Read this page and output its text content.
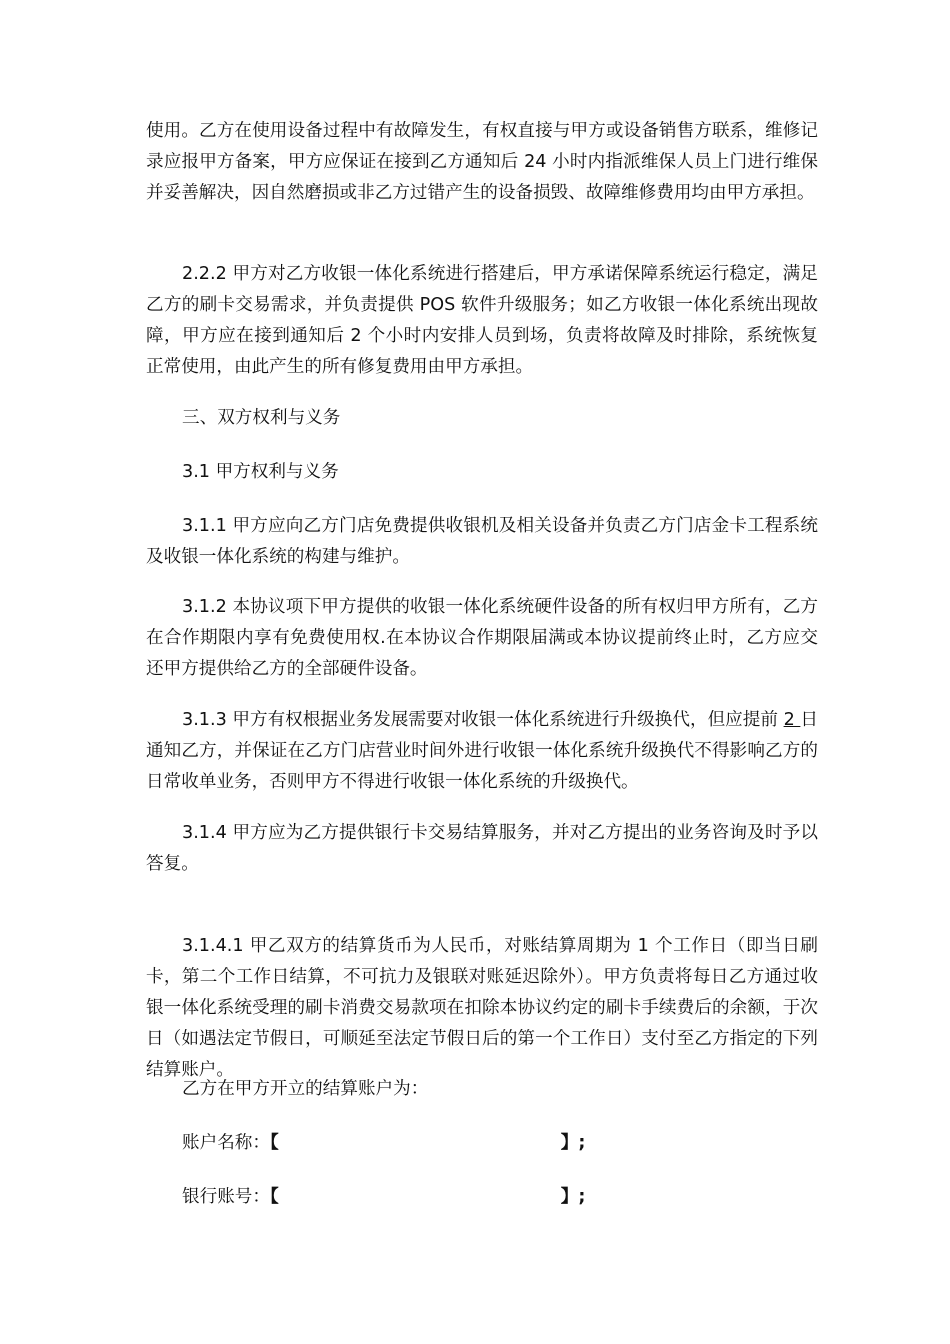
使用。乙方在使用设备过程中有故障发生，有权直接与甲方或设备销售方联系，维修记录应报甲方备案，甲方应保证在接到乙方通知后 24 小时内指派维保人员上门进行维保并妥善解决，因自然磨损或非乙方过错产生的设备损毁、故障维修费用均由甲方承担。

2.2.2 甲方对乙方收银一体化系统进行搭建后，甲方承诺保障系统运行稳定，满足乙方的刷卡交易需求，并负责提供 POS 软件升级服务；如乙方收银一体化系统出现故障，甲方应在接到通知后 2 个小时内安排人员到场，负责将故障及时排除，系统恢复正常使用，由此产生的所有修复费用由甲方承担。

三、双方权利与义务

3.1 甲方权利与义务

3.1.1 甲方应向乙方门店免费提供收银机及相关设备并负责乙方门店金卡工程系统及收银一体化系统的构建与维护。

3.1.2 本协议项下甲方提供的收银一体化系统硬件设备的所有权归甲方所有，乙方在合作期限内享有免费使用权.在本协议合作期限届满或本协议提前终止时，乙方应交还甲方提供给乙方的全部硬件设备。

3.1.3 甲方有权根据业务发展需要对收银一体化系统进行升级换代，但应提前 2 日通知乙方，并保证在乙方门店营业时间外进行收银一体化系统升级换代不得影响乙方的日常收单业务，否则甲方不得进行收银一体化系统的升级换代。

3.1.4 甲方应为乙方提供银行卡交易结算服务，并对乙方提出的业务咨询及时予以答复。

3.1.4.1 甲乙双方的结算货币为人民币，对账结算周期为 1 个工作日（即当日刷卡，第二个工作日结算，不可抗力及银联对账延迟除外）。甲方负责将每日乙方通过收银一体化系统受理的刷卡消费交易款项在扣除本协议约定的刷卡手续费后的余额，于次日（如遇法定节假日，可顺延至法定节假日后的第一个工作日）支付至乙方指定的下列结算账户。

乙方在甲方开立的结算账户为：

账户名称：【	】;
银行账号：【	】;
